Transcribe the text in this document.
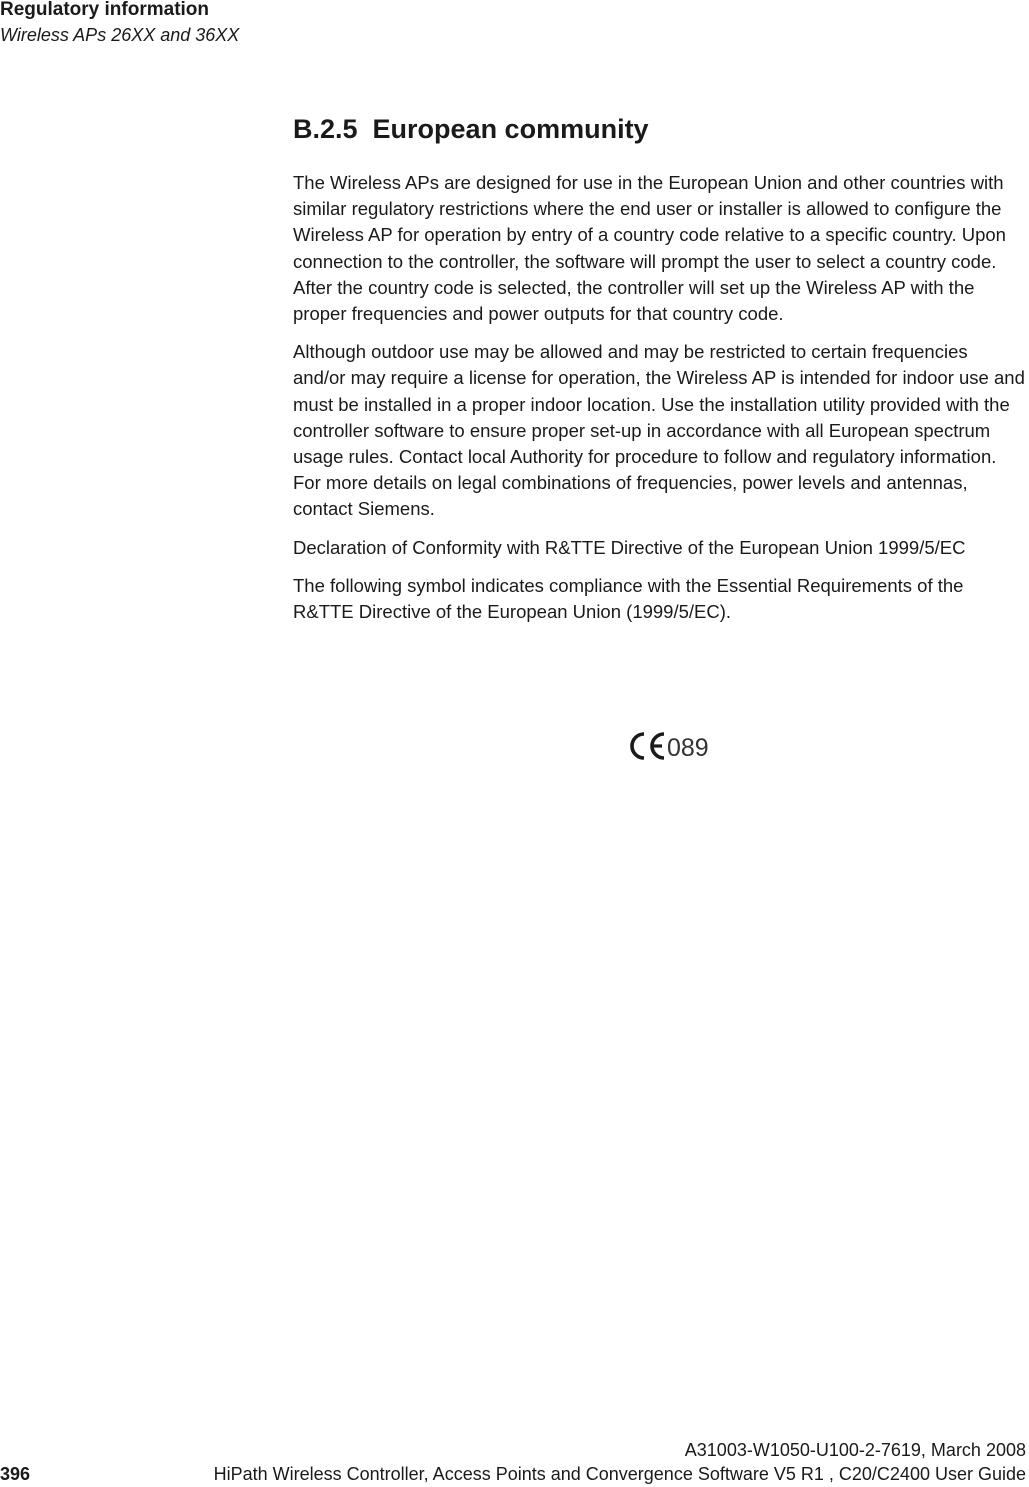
Regulatory information

Wireless APs 26XX and 36XX

B.2.5  European community

The Wireless APs are designed for use in the European Union and other countries with similar regulatory restrictions where the end user or installer is allowed to configure the Wireless AP for operation by entry of a country code relative to a specific country. Upon connection to the controller, the software will prompt the user to select a country code. After the country code is selected, the controller will set up the Wireless AP with the proper frequencies and power outputs for that country code.

Although outdoor use may be allowed and may be restricted to certain frequencies and/or may require a license for operation, the Wireless AP is intended for indoor use and must be installed in a proper indoor location. Use the installation utility provided with the controller software to ensure proper set-up in accordance with all European spectrum usage rules. Contact local Authority for procedure to follow and regulatory information. For more details on legal combinations of frequencies, power levels and antennas, contact Siemens.

Declaration of Conformity with R&TTE Directive of the European Union 1999/5/EC

The following symbol indicates compliance with the Essential Requirements of the R&TTE Directive of the European Union (1999/5/EC).

089

A31003-W1050-U100-2-7619, March 2008

396	HiPath Wireless Controller, Access Points and Convergence Software V5 R1 , C20/C2400 User Guide
